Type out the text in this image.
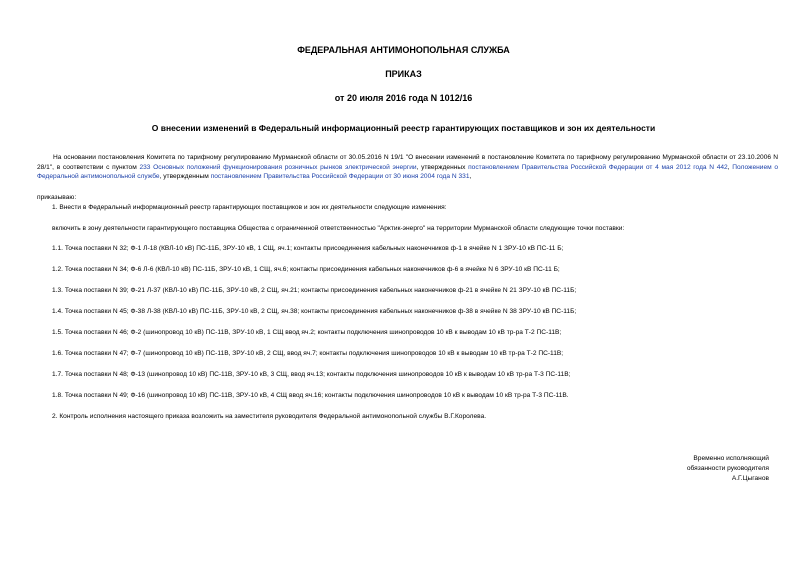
ФЕДЕРАЛЬНАЯ АНТИМОНОПОЛЬНАЯ СЛУЖБА
ПРИКАЗ
от 20 июля 2016 года N 1012/16
О внесении изменений в Федеральный информационный реестр гарантирующих поставщиков и зон их деятельности
На основании постановления Комитета по тарифному регулированию Мурманской области от 30.05.2016 N 19/1 "О внесении изменений в постановление Комитета по тарифному регулированию Мурманской области от 23.10.2006 N 28/1", в соответствии с пунктом 233 Основных положений функционирования розничных рынков электрической энергии, утвержденных постановлением Правительства Российской Федерации от 4 мая 2012 года N 442, Положением о Федеральной антимонопольной службе, утвержденным постановлением Правительства Российской Федерации от 30 июня 2004 года N 331,
приказываю:
1. Внести в Федеральный информационный реестр гарантирующих поставщиков и зон их деятельности следующие изменения:
включить в зону деятельности гарантирующего поставщика Общества с ограниченной ответственностью "Арктик-энерго" на территории Мурманской области следующие точки поставки:
1.1. Точка поставки N 32; Ф-1 Л-18 (КВЛ-10 кВ) ПС-11Б, ЗРУ-10 кВ, 1 СЩ, яч.1; контакты присоединения кабельных наконечников ф-1 в ячейке N 1 ЗРУ-10 кВ ПС-11 Б;
1.2. Точка поставки N 34; Ф-6 Л-6 (КВЛ-10 кВ) ПС-11Б, ЗРУ-10 кВ, 1 СЩ, яч.6; контакты присоединения кабельных наконечников ф-6 в ячейке N 6 ЗРУ-10 кВ ПС-11 Б;
1.3. Точка поставки N 39; Ф-21 Л-37 (КВЛ-10 кВ) ПС-11Б, ЗРУ-10 кВ, 2 СЩ, яч.21; контакты присоединения кабельных наконечников ф-21 в ячейке N 21 ЗРУ-10 кВ ПС-11Б;
1.4. Точка поставки N 45; Ф-38 Л-38 (КВЛ-10 кВ) ПС-11Б, ЗРУ-10 кВ, 2 СЩ, яч.38; контакты присоединения кабельных наконечников ф-38 в ячейке N 38 ЗРУ-10 кВ ПС-11Б;
1.5. Точка поставки N 46; Ф-2 (шинопровод 10 кВ) ПС-11В, ЗРУ-10 кВ, 1 СЩ ввод яч.2; контакты подключения шинопроводов 10 кВ к выводам 10 кВ тр-ра Т-2 ПС-11В;
1.6. Точка поставки N 47; Ф-7 (шинопровод 10 кВ) ПС-11В, ЗРУ-10 кВ, 2 СЩ, ввод яч.7; контакты подключения шинопроводов 10 кВ к выводам 10 кВ тр-ра Т-2 ПС-11В;
1.7. Точка поставки N 48; Ф-13 (шинопровод 10 кВ) ПС-11В, ЗРУ-10 кВ, 3 СЩ, ввод яч.13; контакты подключения шинопроводов 10 кВ к выводам 10 кВ тр-ра Т-3 ПС-11В;
1.8. Точка поставки N 49; Ф-16 (шинопровод 10 кВ) ПС-11В, ЗРУ-10 кВ, 4 СЩ ввод яч.16; контакты подключения шинопроводов 10 кВ к выводам 10 кВ тр-ра Т-3 ПС-11В.
2. Контроль исполнения настоящего приказа возложить на заместителя руководителя Федеральной антимонопольной службы В.Г.Королева.
Временно исполняющий
обязанности руководителя
А.Г.Цыганов
